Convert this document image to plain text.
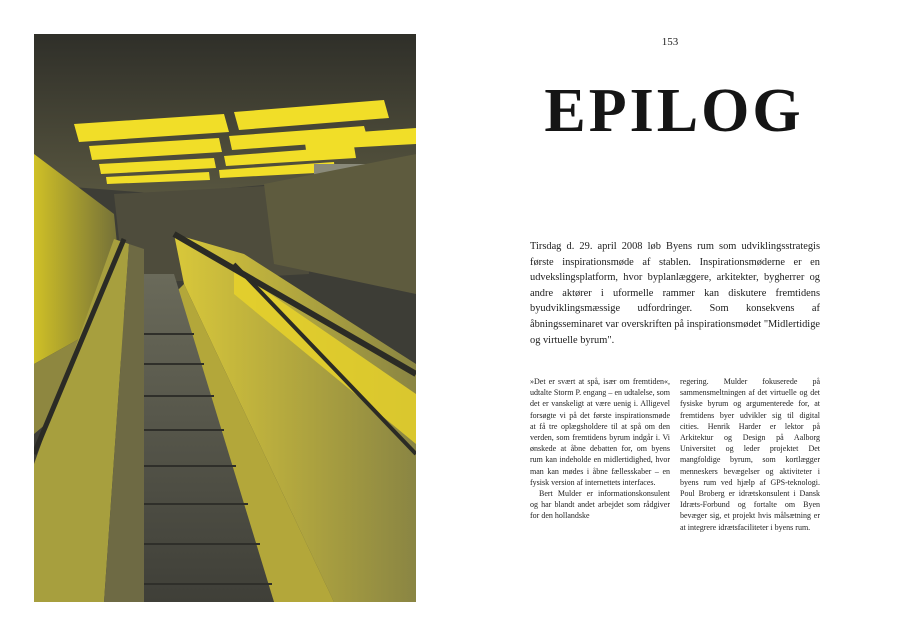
153
EPILOG

Tirsdag d. 29. april 2008 løb Byens rum som udviklingsstrategis første inspirationsmøde af stablen. Inspirationsmøderne er en udvekslingsplatform, hvor byplanlæggere, arkitekter, bygherrer og andre aktører i uformelle rammer kan diskutere fremtidens byudviklingsmæssige udfordringer. Som konsekvens af åbningsseminaret var overskriften på inspirationsmødet "Midlertidige og virtuelle byrum".

»Det er svært at spå, især om fremtiden«, udtalte Storm P. engang – en udtalelse, som det er vanskeligt at være uenig i. Alligevel forsøgte vi på det første inspirationsmøde at få tre oplægsholdere til at spå om den verden, som fremtidens byrum indgår i. Vi ønskede at åbne debatten for, om byens rum kan indeholde en midlertidighed, hvor man kan mødes i åbne fællesskaber – en fysisk version af internettets interfaces.

Bert Mulder er informationskonsulent og har blandt andet arbejdet som rådgiver for den hollandske

regering. Mulder fokuserede på sammensmeltningen af det virtuelle og det fysiske byrum og argumenterede for, at fremtidens byer udvikler sig til digital cities. Henrik Harder er lektor på Arkitektur og Design på Aalborg Universitet og leder projektet Det mangfoldige byrum, som kortlægger menneskers bevægelser og aktiviteter i byens rum ved hjælp af GPS-teknologi. Poul Broberg er idrætskonsulent i Dansk Idræts-Forbund og fortalte om Byen bevæger sig, et projekt hvis målsætning er at integrere idrætsfaciliteter i byens rum.
